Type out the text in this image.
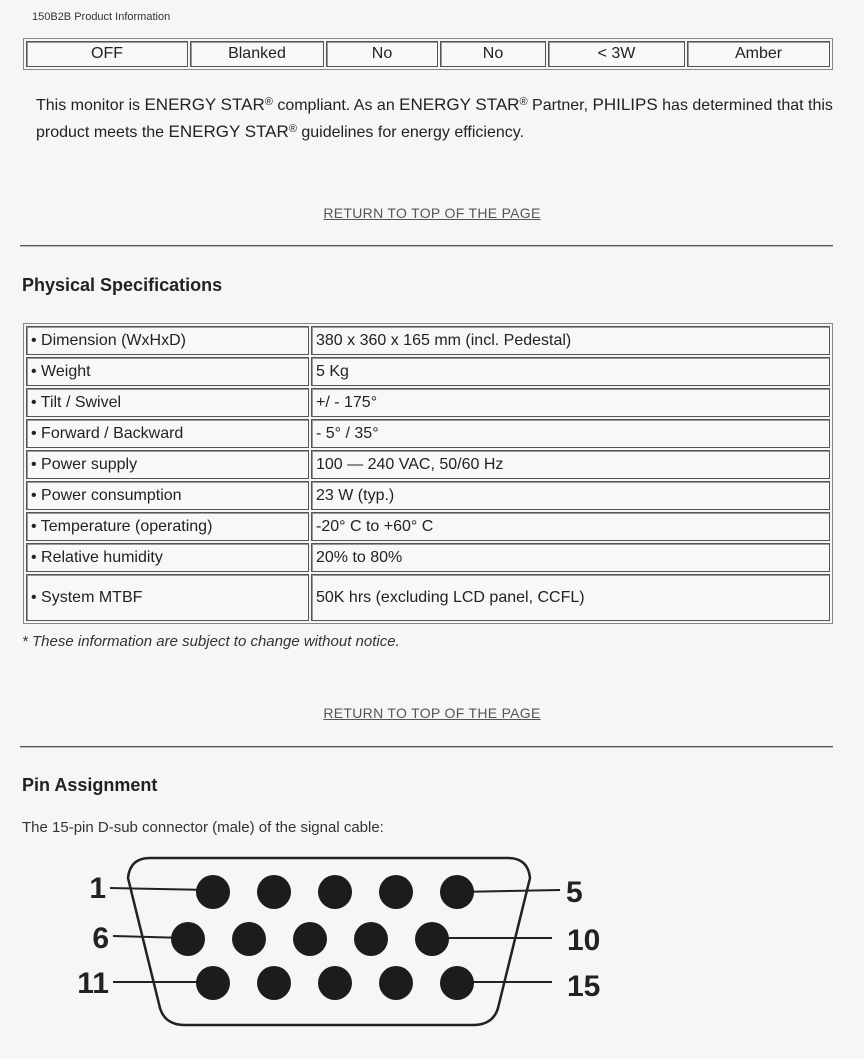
150B2B Product Information
OFF	Blanked	No	No	< 3W	Amber
This monitor is ENERGY STAR® compliant. As an ENERGY STAR® Partner, PHILIPS has determined that this product meets the ENERGY STAR® guidelines for energy efficiency.
RETURN TO TOP OF THE PAGE
Physical Specifications
• Dimension (WxHxD)	380 x 360 x 165 mm (incl. Pedestal)
• Weight	5 Kg
• Tilt / Swivel	+/ - 175°
• Forward / Backward	- 5° / 35°
• Power supply	100 — 240 VAC, 50/60 Hz
• Power consumption	23 W (typ.)
• Temperature (operating)	-20° C to +60° C
• Relative humidity	20% to 80%
• System MTBF	50K hrs (excluding LCD panel, CCFL)
* These information are subject to change without notice.
RETURN TO TOP OF THE PAGE
Pin Assignment
The 15-pin D-sub connector (male) of the signal cable:
1
6
11
5
10
15
